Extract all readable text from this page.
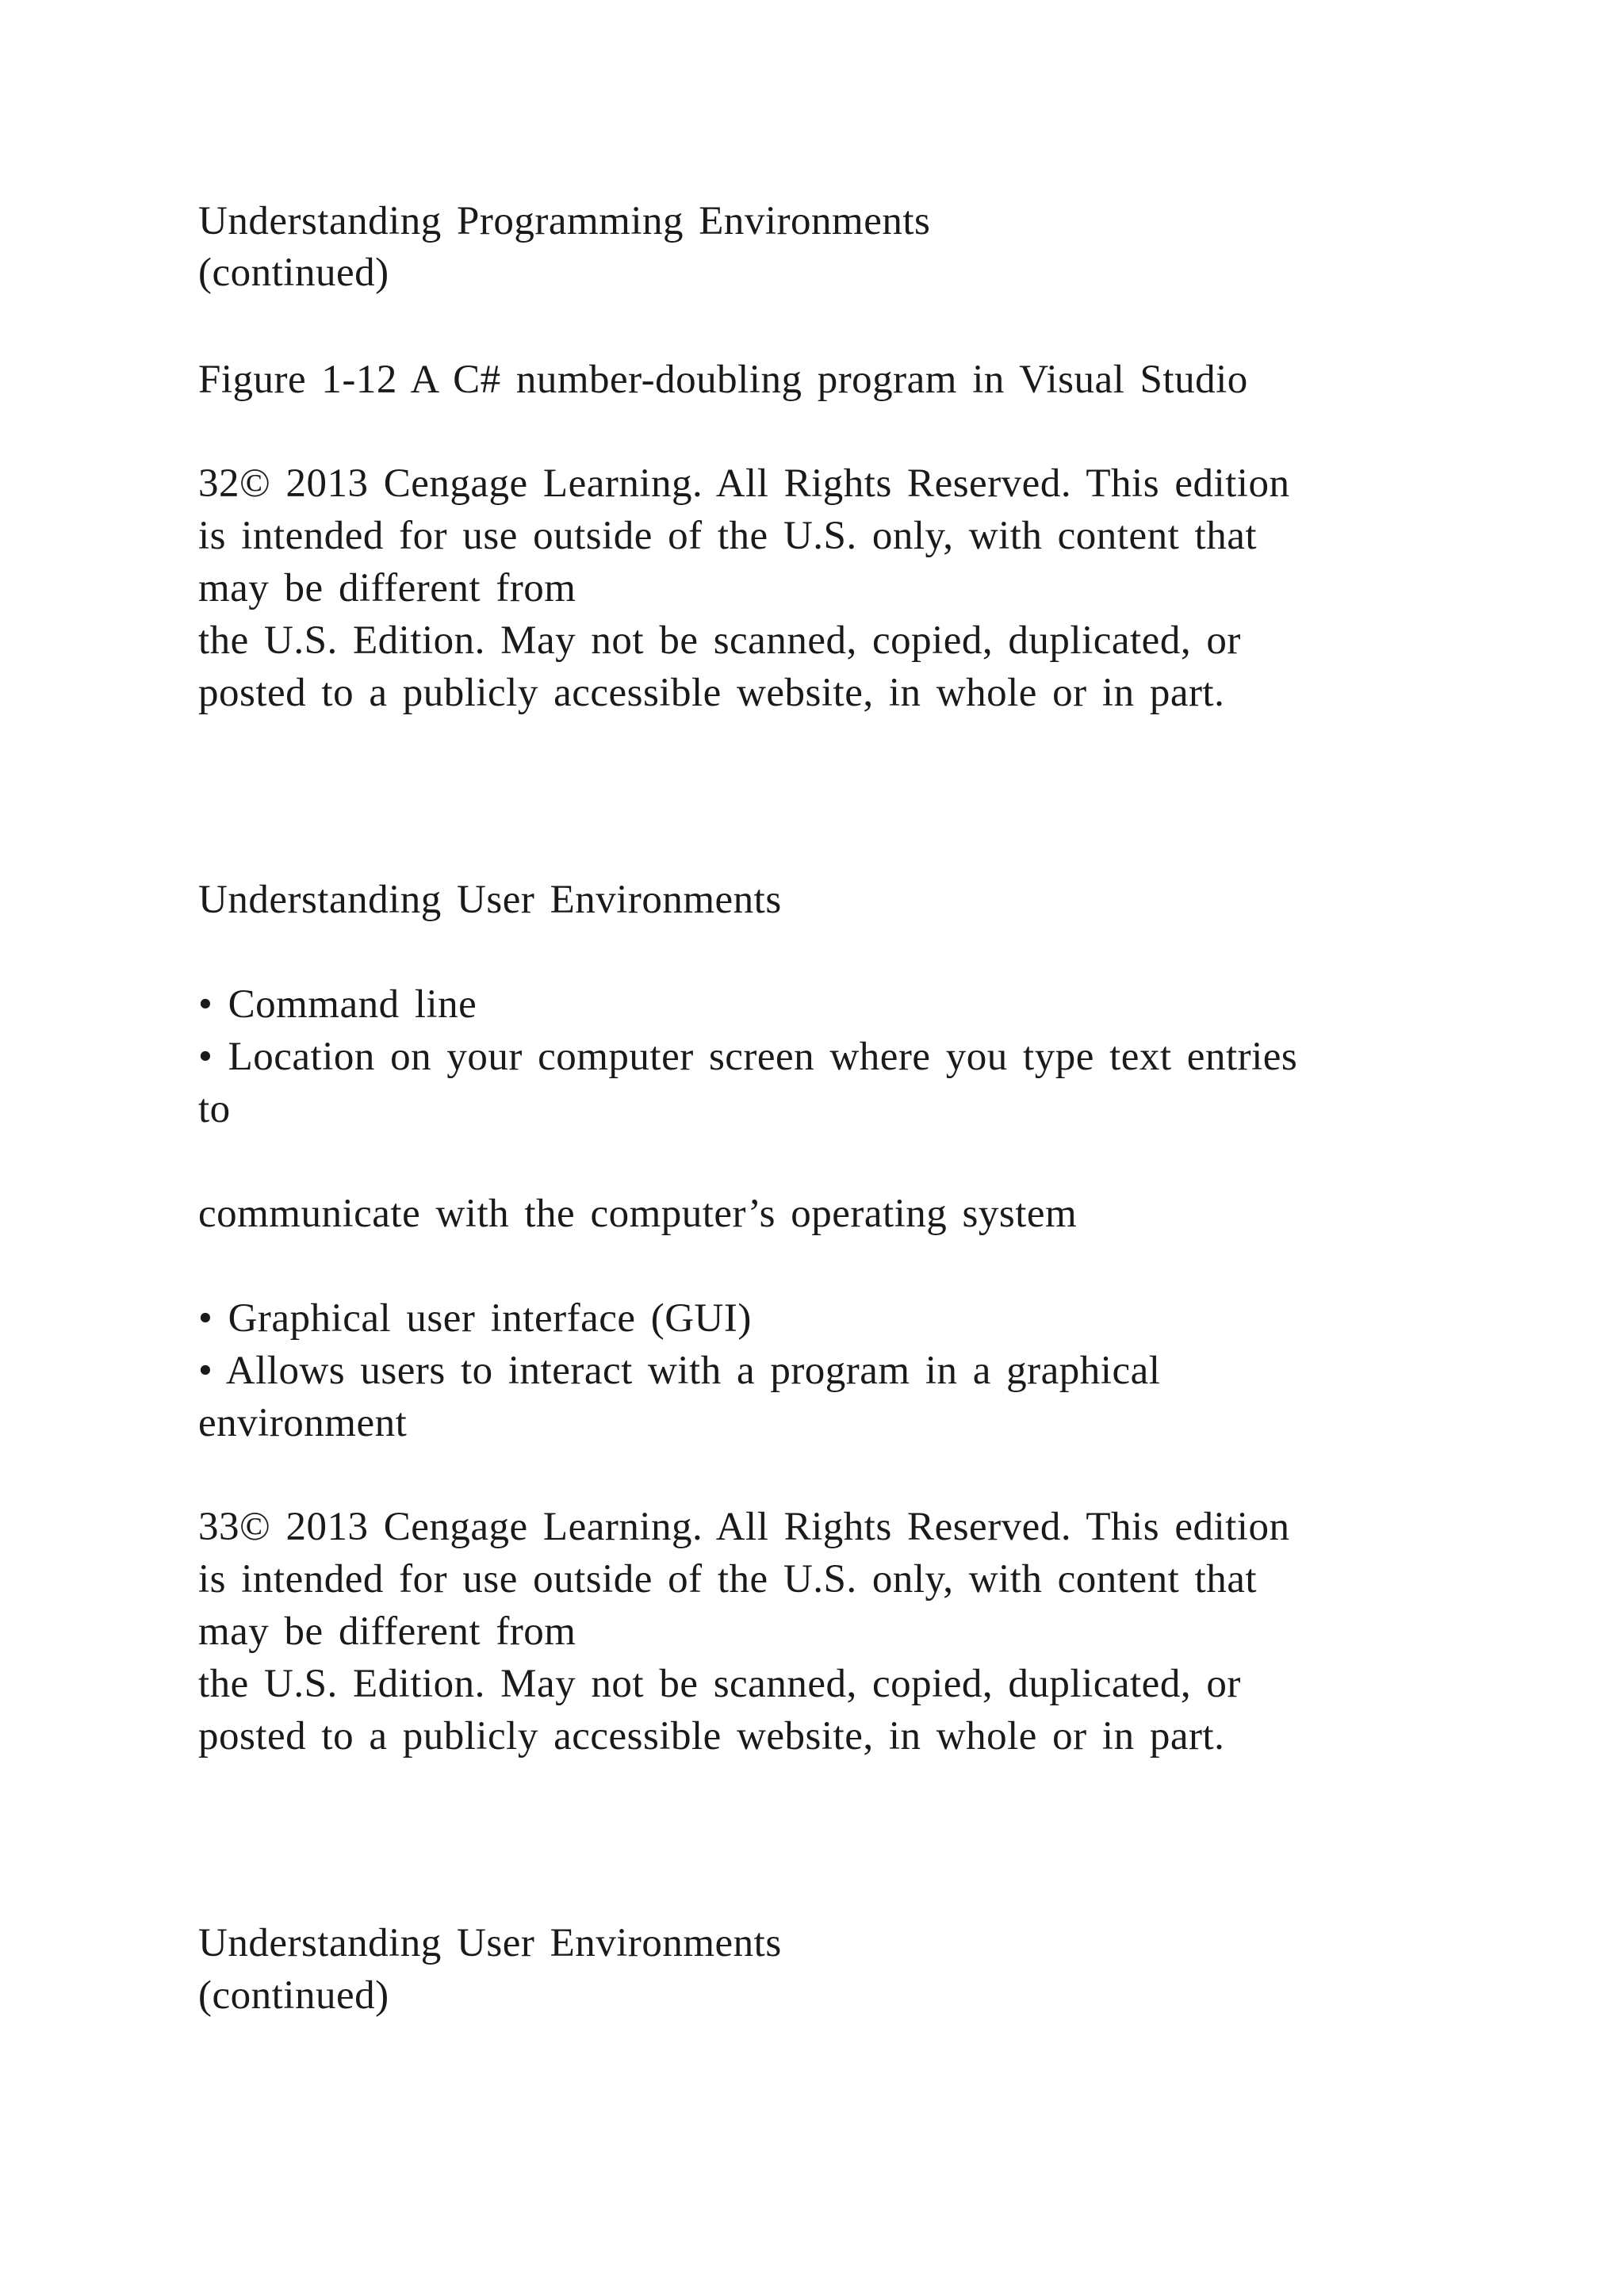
Understanding Programming Environments
(continued)
Figure 1-12 A C# number-doubling program in Visual Studio
32© 2013 Cengage Learning. All Rights Reserved. This edition
is intended for use outside of the U.S. only, with content that
may be different from
the U.S. Edition. May not be scanned, copied, duplicated, or
posted to a publicly accessible website, in whole or in part.
Understanding User Environments
• Command line
• Location on your computer screen where you type text entries
to
communicate with the computer’s operating system
• Graphical user interface (GUI)
• Allows users to interact with a program in a graphical
environment
33© 2013 Cengage Learning. All Rights Reserved. This edition
is intended for use outside of the U.S. only, with content that
may be different from
the U.S. Edition. May not be scanned, copied, duplicated, or
posted to a publicly accessible website, in whole or in part.
Understanding User Environments
(continued)
